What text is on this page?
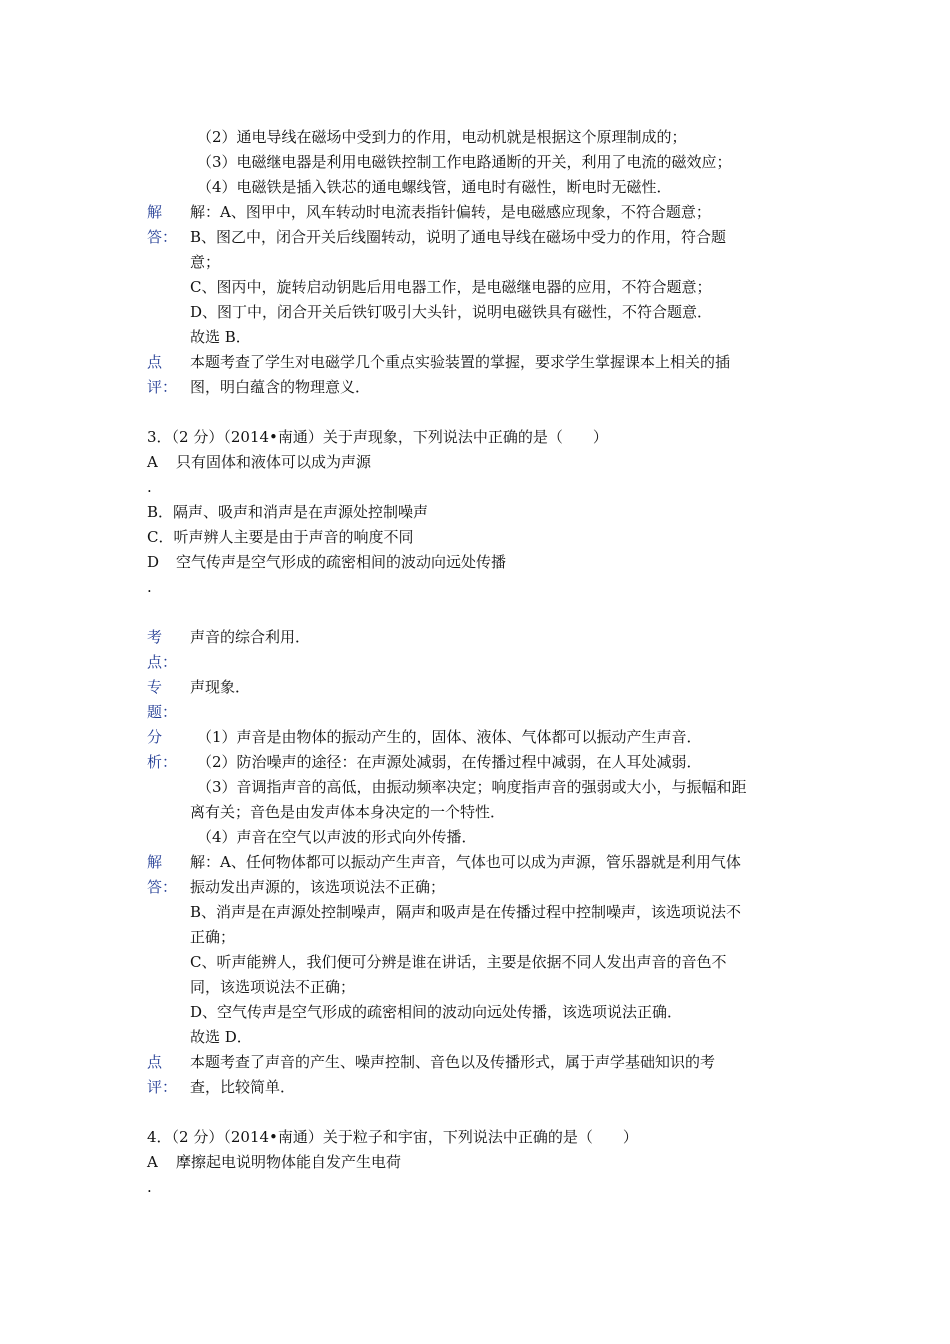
（2）通电导线在磁场中受到力的作用，电动机就是根据这个原理制成的；
（3）电磁继电器是利用电磁铁控制工作电路通断的开关，利用了电流的磁效应；
（4）电磁铁是插入铁芯的通电螺线管，通电时有磁性，断电时无磁性．
解
答：
解：A、图甲中，风车转动时电流表指针偏转，是电磁感应现象，不符合题意；
B、图乙中，闭合开关后线圈转动，说明了通电导线在磁场中受力的作用，符合题
意；
C、图丙中，旋转启动钥匙后用电器工作，是电磁继电器的应用，不符合题意；
D、图丁中，闭合开关后铁钉吸引大头针，说明电磁铁具有磁性，不符合题意．
故选 B．
点
评：
本题考查了学生对电磁学几个重点实验装置的掌握，要求学生掌握课本上相关的插
图，明白蕴含的物理意义．
3．（2 分）（2014•南通）关于声现象，下列说法中正确的是（　　）
A 只有固体和液体可以成为声源
.
B．隔声、吸声和消声是在声源处控制噪声
C．听声辨人主要是由于声音的响度不同
D 空气传声是空气形成的疏密相间的波动向远处传播
.
考
点：
声音的综合利用．
专
题：
声现象．
分
析：
（1）声音是由物体的振动产生的，固体、液体、气体都可以振动产生声音．
（2）防治噪声的途径：在声源处减弱，在传播过程中减弱，在人耳处减弱．
（3）音调指声音的高低，由振动频率决定；响度指声音的强弱或大小，与振幅和距
离有关；音色是由发声体本身决定的一个特性．
（4）声音在空气以声波的形式向外传播．
解
答：
解：A、任何物体都可以振动产生声音，气体也可以成为声源，管乐器就是利用气体
振动发出声源的，该选项说法不正确；
B、消声是在声源处控制噪声，隔声和吸声是在传播过程中控制噪声，该选项说法不
正确；
C、听声能辨人，我们便可分辨是谁在讲话，主要是依据不同人发出声音的音色不
同，该选项说法不正确；
D、空气传声是空气形成的疏密相间的波动向远处传播，该选项说法正确．
故选 D．
点
评：
本题考查了声音的产生、噪声控制、音色以及传播形式，属于声学基础知识的考
查，比较简单．
4．（2 分）（2014•南通）关于粒子和宇宙，下列说法中正确的是（　　）
A 摩擦起电说明物体能自发产生电荷
.
